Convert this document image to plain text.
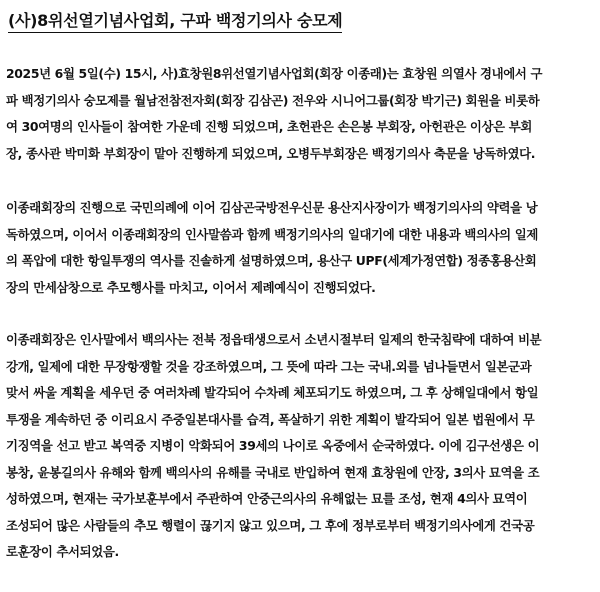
(사)8위선열기념사업회, 구파 백정기의사 숭모제

2025년 6월 5일(수) 15시, 사)효창원8위선열기념사업회(회장 이종래)는 효창원 의열사 경내에서 구
파 백정기의사 숭모제를 월남전참전자회(회장 김삼곤) 전우와 시니어그룹(회장 박기근) 회원을 비롯하
여 30여명의 인사들이 참여한 가운데 진행 되었으며, 초헌관은 손은봉 부회장, 아헌관은 이상은 부회
장, 종사관 박미화 부회장이 맡아 진행하게 되었으며, 오병두부회장은 백정기의사 축문을 낭독하였다.

이종래회장의 진행으로 국민의례에 이어 김삼곤국방전우신문 용산지사장이가 백정기의사의 약력을 낭
독하였으며, 이어서 이종래회장의 인사말씀과 함께 백정기의사의 일대기에 대한 내용과 백의사의 일제
의 폭압에 대한 항일투쟁의 역사를 진솔하게 설명하였으며, 용산구 UPF(세계가정연합) 정종홍용산회
장의 만세삼창으로 추모행사를 마치고, 이어서 제례예식이 진행되었다.

이종래회장은 인사말에서 백의사는 전북 정읍태생으로서 소년시절부터 일제의 한국침략에 대하여 비분
강개, 일제에 대한 무장항쟁할 것을 강조하였으며, 그 뜻에 따라 그는 국내.외를 넘나들면서 일본군과
맞서 싸울 계획을 세우던 중 여러차례 발각되어 수차례 체포되기도 하였으며, 그 후 상해일대에서 항일
투쟁을 계속하던 중 이리요시 주중일본대사를 습격, 폭살하기 위한 계획이 발각되어 일본 법원에서 무
기징역을 선고 받고 복역중 지병이 악화되어 39세의 나이로 옥중에서 순국하였다. 이에 김구선생은 이
봉창, 윤봉길의사 유해와 함께 백의사의 유해를 국내로 반입하여 현재 효창원에 안장, 3의사 묘역을 조
성하였으며, 현재는 국가보훈부에서 주관하여 안중근의사의 유해없는 묘를 조성, 현재 4의사 묘역이
조성되어 많은 사람들의 추모 행렬이 끊기지 않고 있으며, 그 후에 정부로부터 백정기의사에게 건국공
로훈장이 추서되었음.
